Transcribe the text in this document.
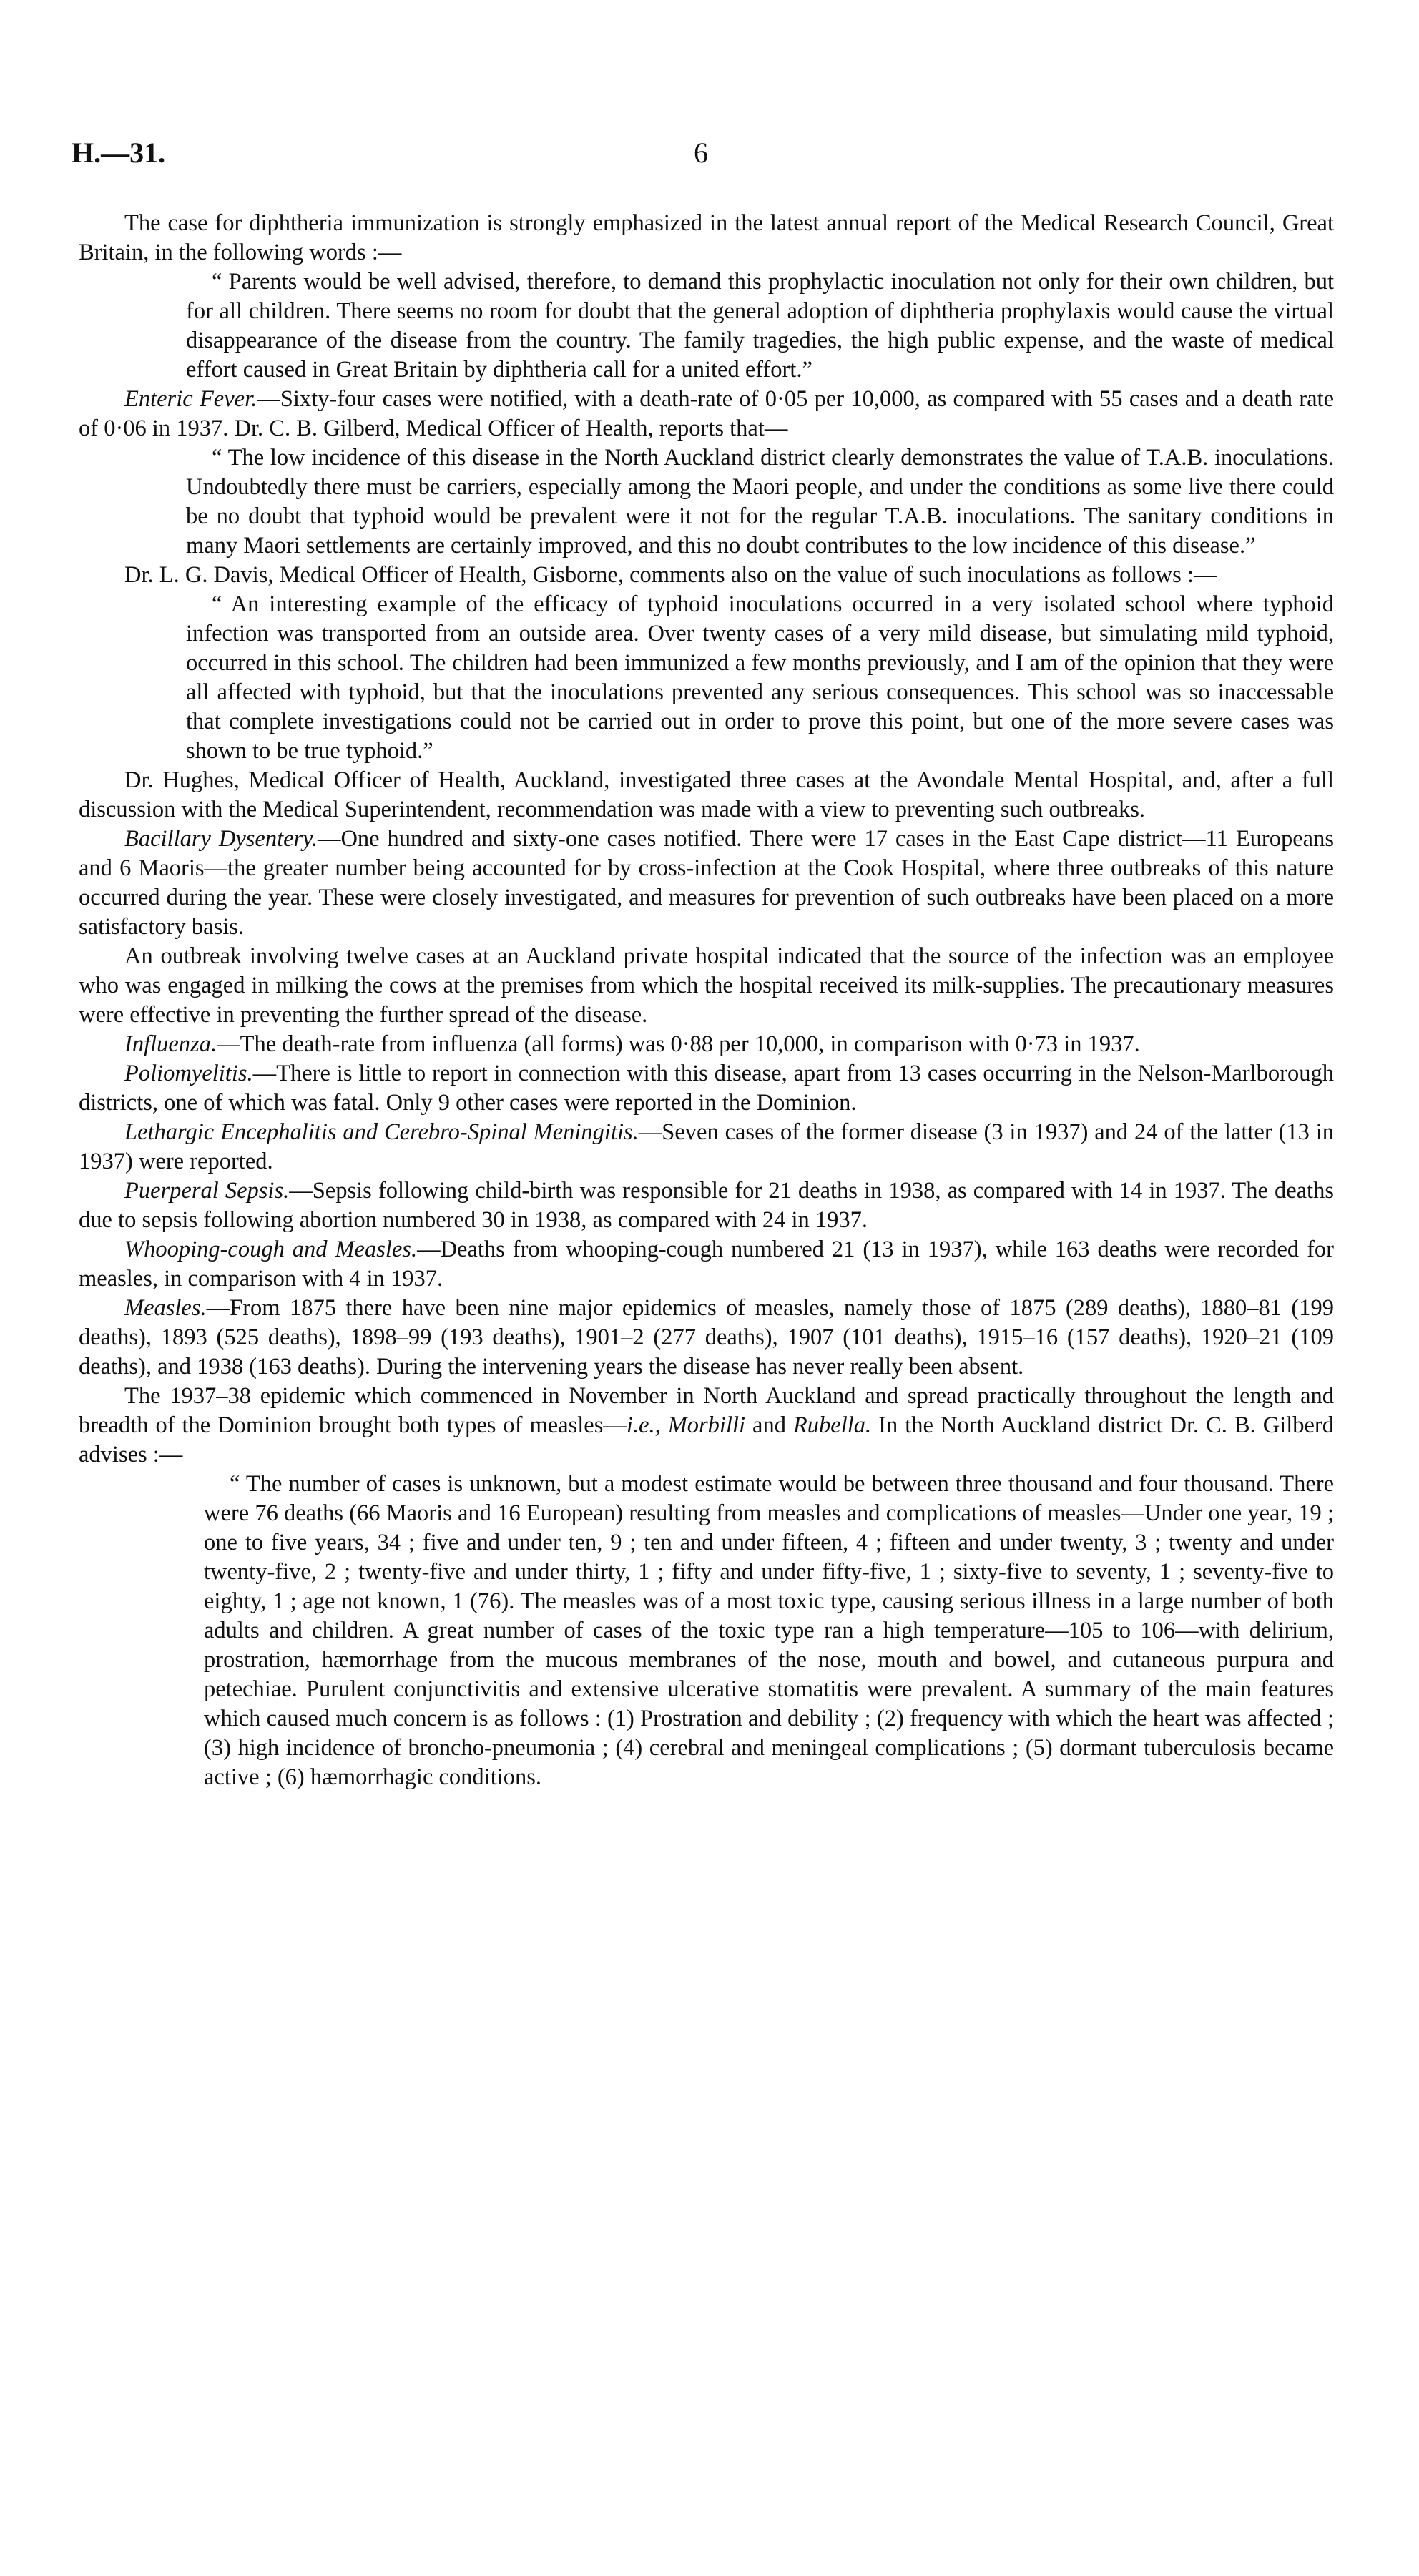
H.—31.	6

The case for diphtheria immunization is strongly emphasized in the latest annual report of the Medical Research Council, Great Britain, in the following words :—

“ Parents would be well advised, therefore, to demand this prophylactic inoculation not only for their own children, but for all children. There seems no room for doubt that the general adoption of diphtheria prophylaxis would cause the virtual disappearance of the disease from the country. The family tragedies, the high public expense, and the waste of medical effort caused in Great Britain by diphtheria call for a united effort.”

Enteric Fever.—Sixty-four cases were notified, with a death-rate of 0·05 per 10,000, as compared with 55 cases and a death rate of 0·06 in 1937. Dr. C. B. Gilberd, Medical Officer of Health, reports that—

“ The low incidence of this disease in the North Auckland district clearly demonstrates the value of T.A.B. inoculations. Undoubtedly there must be carriers, especially among the Maori people, and under the conditions as some live there could be no doubt that typhoid would be prevalent were it not for the regular T.A.B. inoculations. The sanitary conditions in many Maori settlements are certainly improved, and this no doubt contributes to the low incidence of this disease.”

Dr. L. G. Davis, Medical Officer of Health, Gisborne, comments also on the value of such inoculations as follows :—

“ An interesting example of the efficacy of typhoid inoculations occurred in a very isolated school where typhoid infection was transported from an outside area. Over twenty cases of a very mild disease, but simulating mild typhoid, occurred in this school. The children had been immunized a few months previously, and I am of the opinion that they were all affected with typhoid, but that the inoculations prevented any serious consequences. This school was so inaccessable that complete investigations could not be carried out in order to prove this point, but one of the more severe cases was shown to be true typhoid.”

Dr. Hughes, Medical Officer of Health, Auckland, investigated three cases at the Avondale Mental Hospital, and, after a full discussion with the Medical Superintendent, recommendation was made with a view to preventing such outbreaks.

Bacillary Dysentery.—One hundred and sixty-one cases notified. There were 17 cases in the East Cape district—11 Europeans and 6 Maoris—the greater number being accounted for by cross-infection at the Cook Hospital, where three outbreaks of this nature occurred during the year. These were closely investigated, and measures for prevention of such outbreaks have been placed on a more satisfactory basis.

An outbreak involving twelve cases at an Auckland private hospital indicated that the source of the infection was an employee who was engaged in milking the cows at the premises from which the hospital received its milk-supplies. The precautionary measures were effective in preventing the further spread of the disease.

Influenza.—The death-rate from influenza (all forms) was 0·88 per 10,000, in comparison with 0·73 in 1937.

Poliomyelitis.—There is little to report in connection with this disease, apart from 13 cases occurring in the Nelson-Marlborough districts, one of which was fatal. Only 9 other cases were reported in the Dominion.

Lethargic Encephalitis and Cerebro-Spinal Meningitis.—Seven cases of the former disease (3 in 1937) and 24 of the latter (13 in 1937) were reported.

Puerperal Sepsis.—Sepsis following child-birth was responsible for 21 deaths in 1938, as compared with 14 in 1937. The deaths due to sepsis following abortion numbered 30 in 1938, as compared with 24 in 1937.

Whooping-cough and Measles.—Deaths from whooping-cough numbered 21 (13 in 1937), while 163 deaths were recorded for measles, in comparison with 4 in 1937.

Measles.—From 1875 there have been nine major epidemics of measles, namely those of 1875 (289 deaths), 1880–81 (199 deaths), 1893 (525 deaths), 1898–99 (193 deaths), 1901–2 (277 deaths), 1907 (101 deaths), 1915–16 (157 deaths), 1920–21 (109 deaths), and 1938 (163 deaths). During the intervening years the disease has never really been absent.

The 1937–38 epidemic which commenced in November in North Auckland and spread practically throughout the length and breadth of the Dominion brought both types of measles—i.e., Morbilli and Rubella. In the North Auckland district Dr. C. B. Gilberd advises :—

“ The number of cases is unknown, but a modest estimate would be between three thousand and four thousand. There were 76 deaths (66 Maoris and 16 European) resulting from measles and complications of measles—Under one year, 19 ; one to five years, 34 ; five and under ten, 9 ; ten and under fifteen, 4 ; fifteen and under twenty, 3 ; twenty and under twenty-five, 2 ; twenty-five and under thirty, 1 ; fifty and under fifty-five, 1 ; sixty-five to seventy, 1 ; seventy-five to eighty, 1 ; age not known, 1 (76). The measles was of a most toxic type, causing serious illness in a large number of both adults and children. A great number of cases of the toxic type ran a high temperature—105 to 106—with delirium, prostration, hæmorrhage from the mucous membranes of the nose, mouth and bowel, and cutaneous purpura and petechiae. Purulent conjunctivitis and extensive ulcerative stomatitis were prevalent. A summary of the main features which caused much concern is as follows : (1) Prostration and debility ; (2) frequency with which the heart was affected ; (3) high incidence of broncho-pneumonia ; (4) cerebral and meningeal complications ; (5) dormant tuberculosis became active ; (6) hæmorrhagic conditions.
